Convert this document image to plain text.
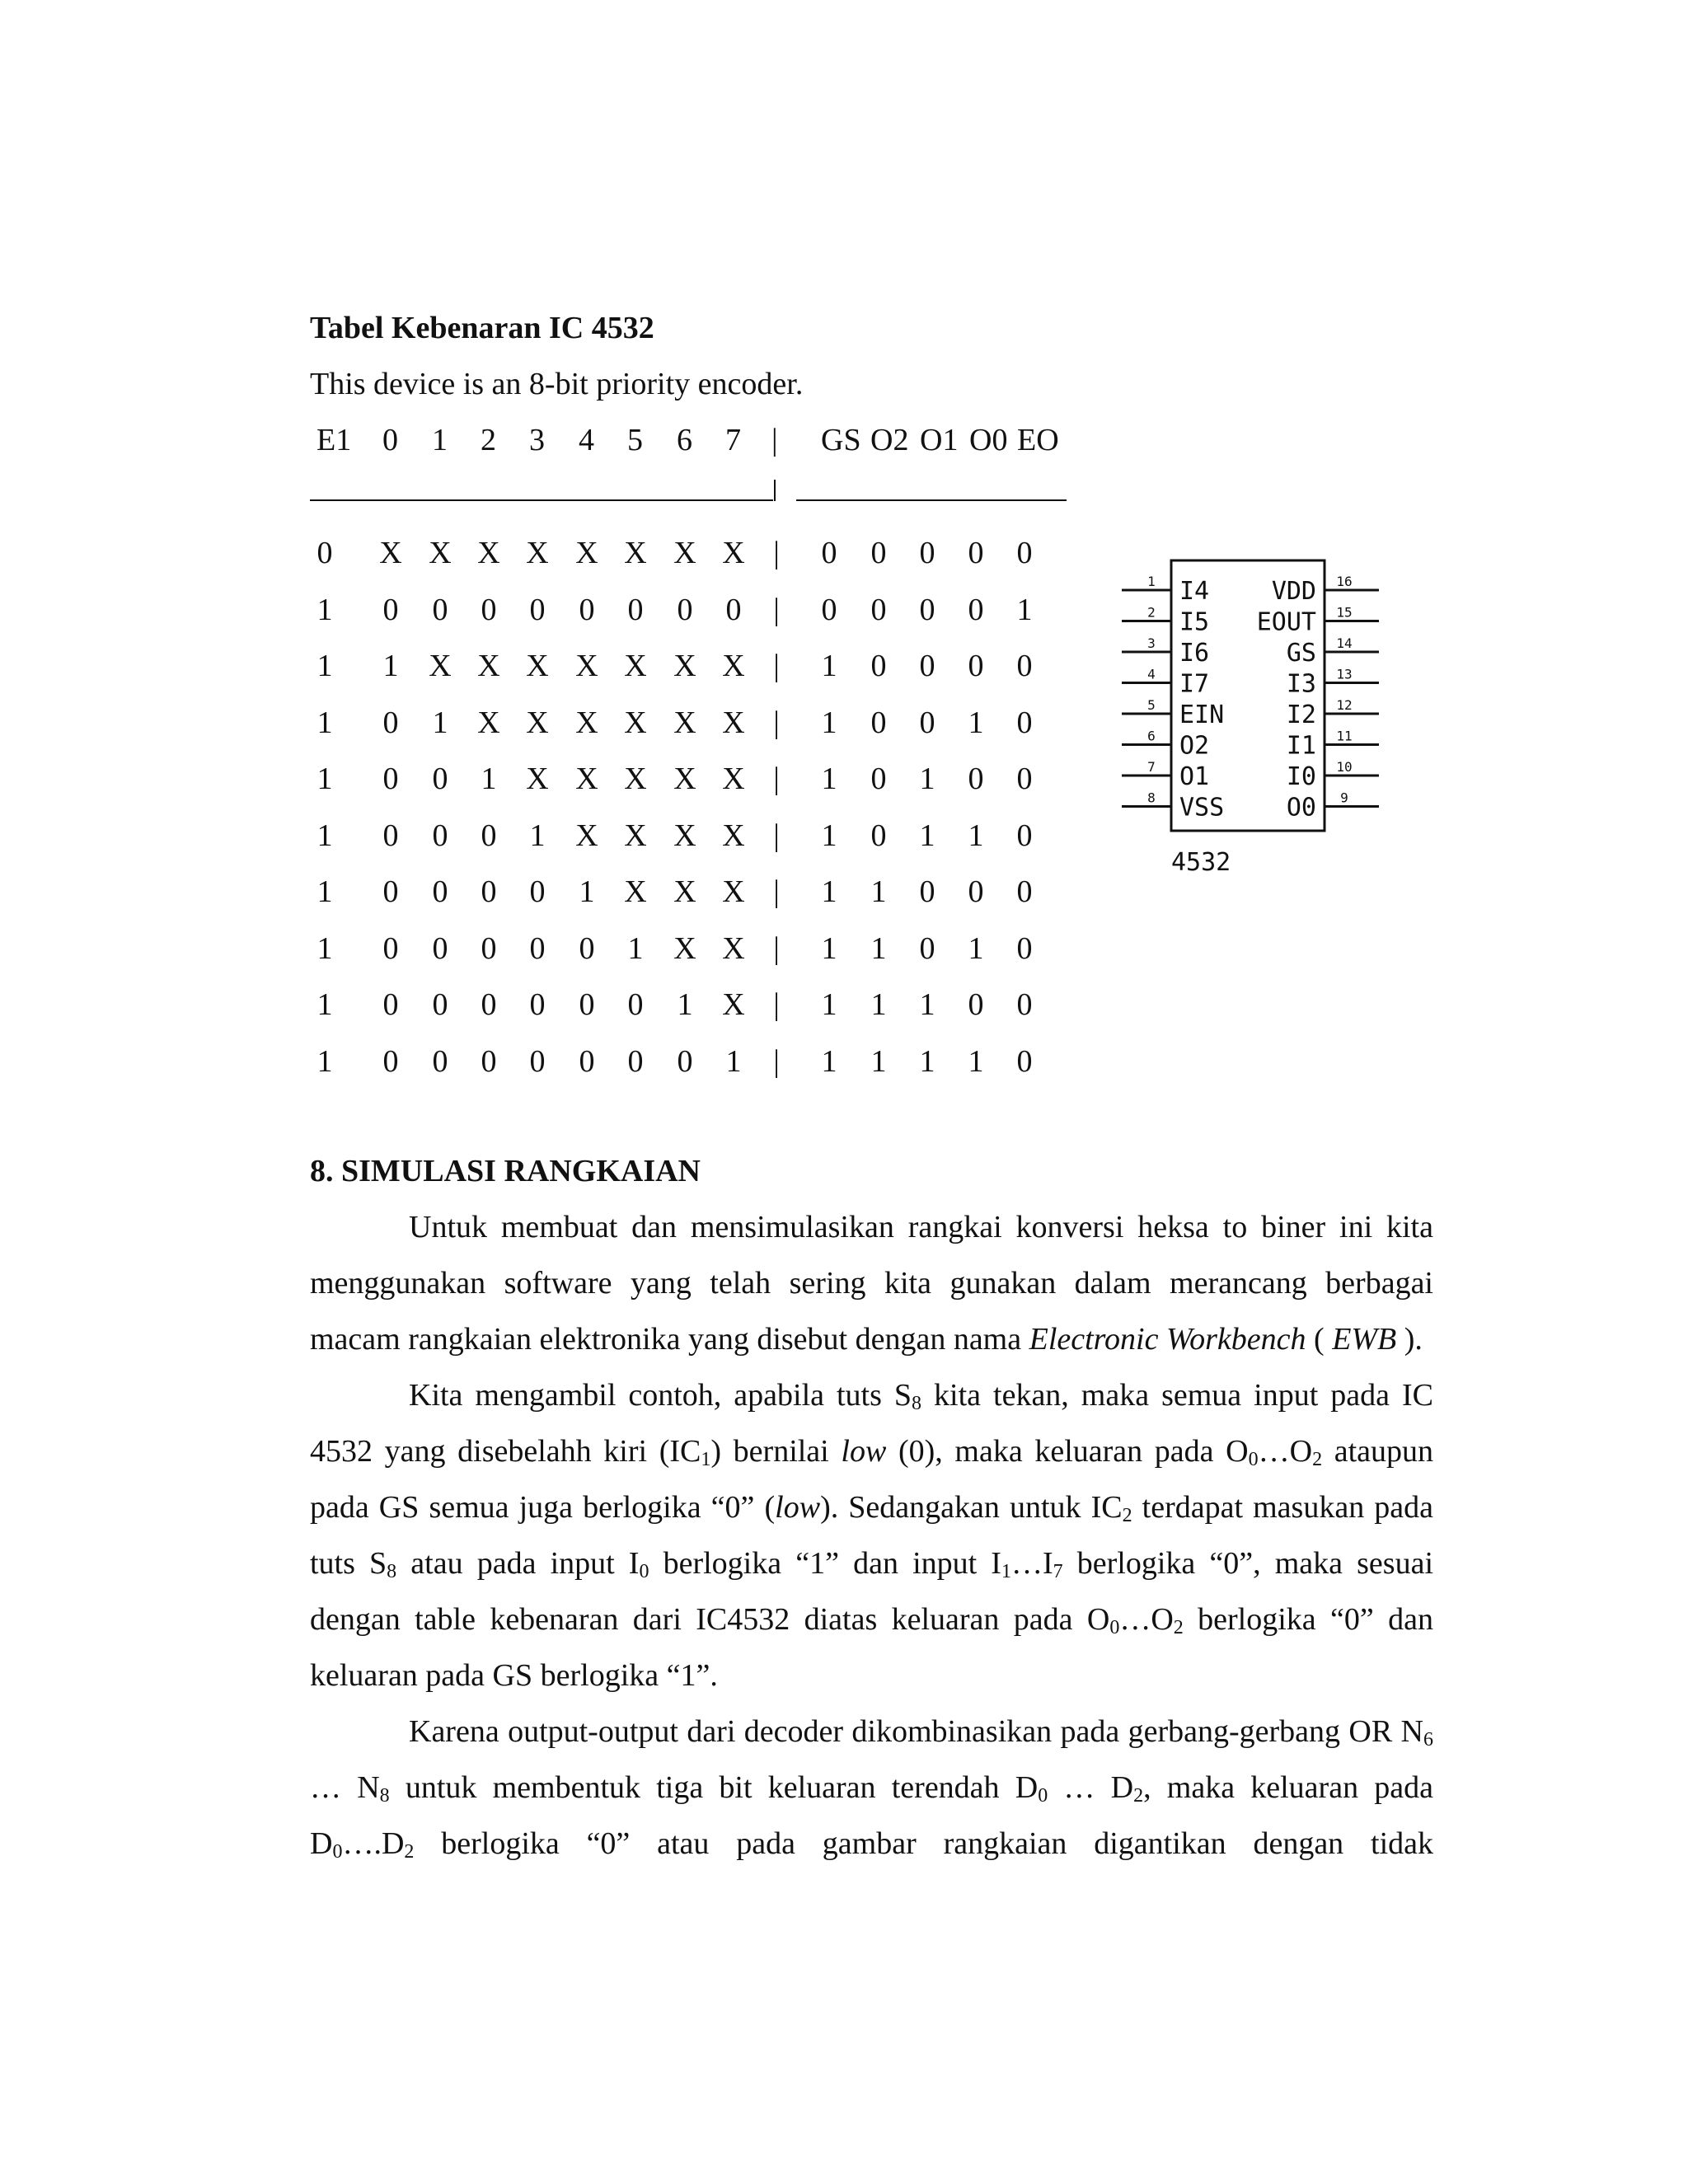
Tabel Kebenaran IC 4532
This device is an 8-bit priority encoder.
E1 0 1 2 3 4 5 6 7 | GS O2 O1 O0 EO
0 X X X X X X X X |	0 0 0 0 0
1 0 0 0 0 0 0 0 0	|	0 0 0 0 1
1 1 X X X X X X X |	1 0 0 0 0
1 0 1 X X X X X X |	1 0 0 1 0
1 0 0 1 X X X X X |	1 0 1 0 0
1 0 0 0 1 X X X X |	1 0 1 1 0
1 0 0 0 0 1 X X X |	1 1 0 0 0
1 0 0 0 0 0 1 X X |	1 1 0 1 0
1 0 0 0 0 0 0 1 X |	1 1 1 0 0
1 0 0 0 0 0 0 0 1	|	1 1 1 1 0
1 I4
2 I5
3 I6
4 I7
5 EIN
6 O2
7 O1
8 VSS
16
VDD
15
EOUT
14
GS
13
I3
12
I2
11
I1
10
I0
9
O0
4532
8. SIMULASI RANGKAIAN

Untuk membuat dan mensimulasikan rangkai konversi heksa to biner ini kita menggunakan software yang telah sering kita gunakan dalam merancang berbagai macam rangkaian elektronika yang disebut dengan nama Electronic Workbench ( EWB ).

Kita mengambil contoh, apabila tuts $S_8$ kita tekan, maka semua input pada IC 4532 yang disebelahh kiri $(IC_1)$ bernilai low (0), maka keluaran pada $O_0\dots O_2$ ataupun pada GS semua juga berlogika “0” (low). Sedangakan untuk $IC_2$ terdapat masukan pada tuts $S_8$ atau pada input $I_0$ berlogika “1” dan input $I_1\dots I_7$ berlogika “0”, maka sesuai dengan table kebenaran dari IC4532 diatas keluaran pada $O_0\dots O_2$ berlogika “0” dan keluaran pada GS berlogika “1”.

Karena output-output dari decoder dikombinasikan pada gerbang-gerbang OR $N_6$ … $N_8$ untuk membentuk tiga bit keluaran terendah $D_0$ … $D_2$, maka keluaran pada $D_0\dots.D_2$ berlogika “0” atau pada gambar rangkaian digantikan dengan tidak
